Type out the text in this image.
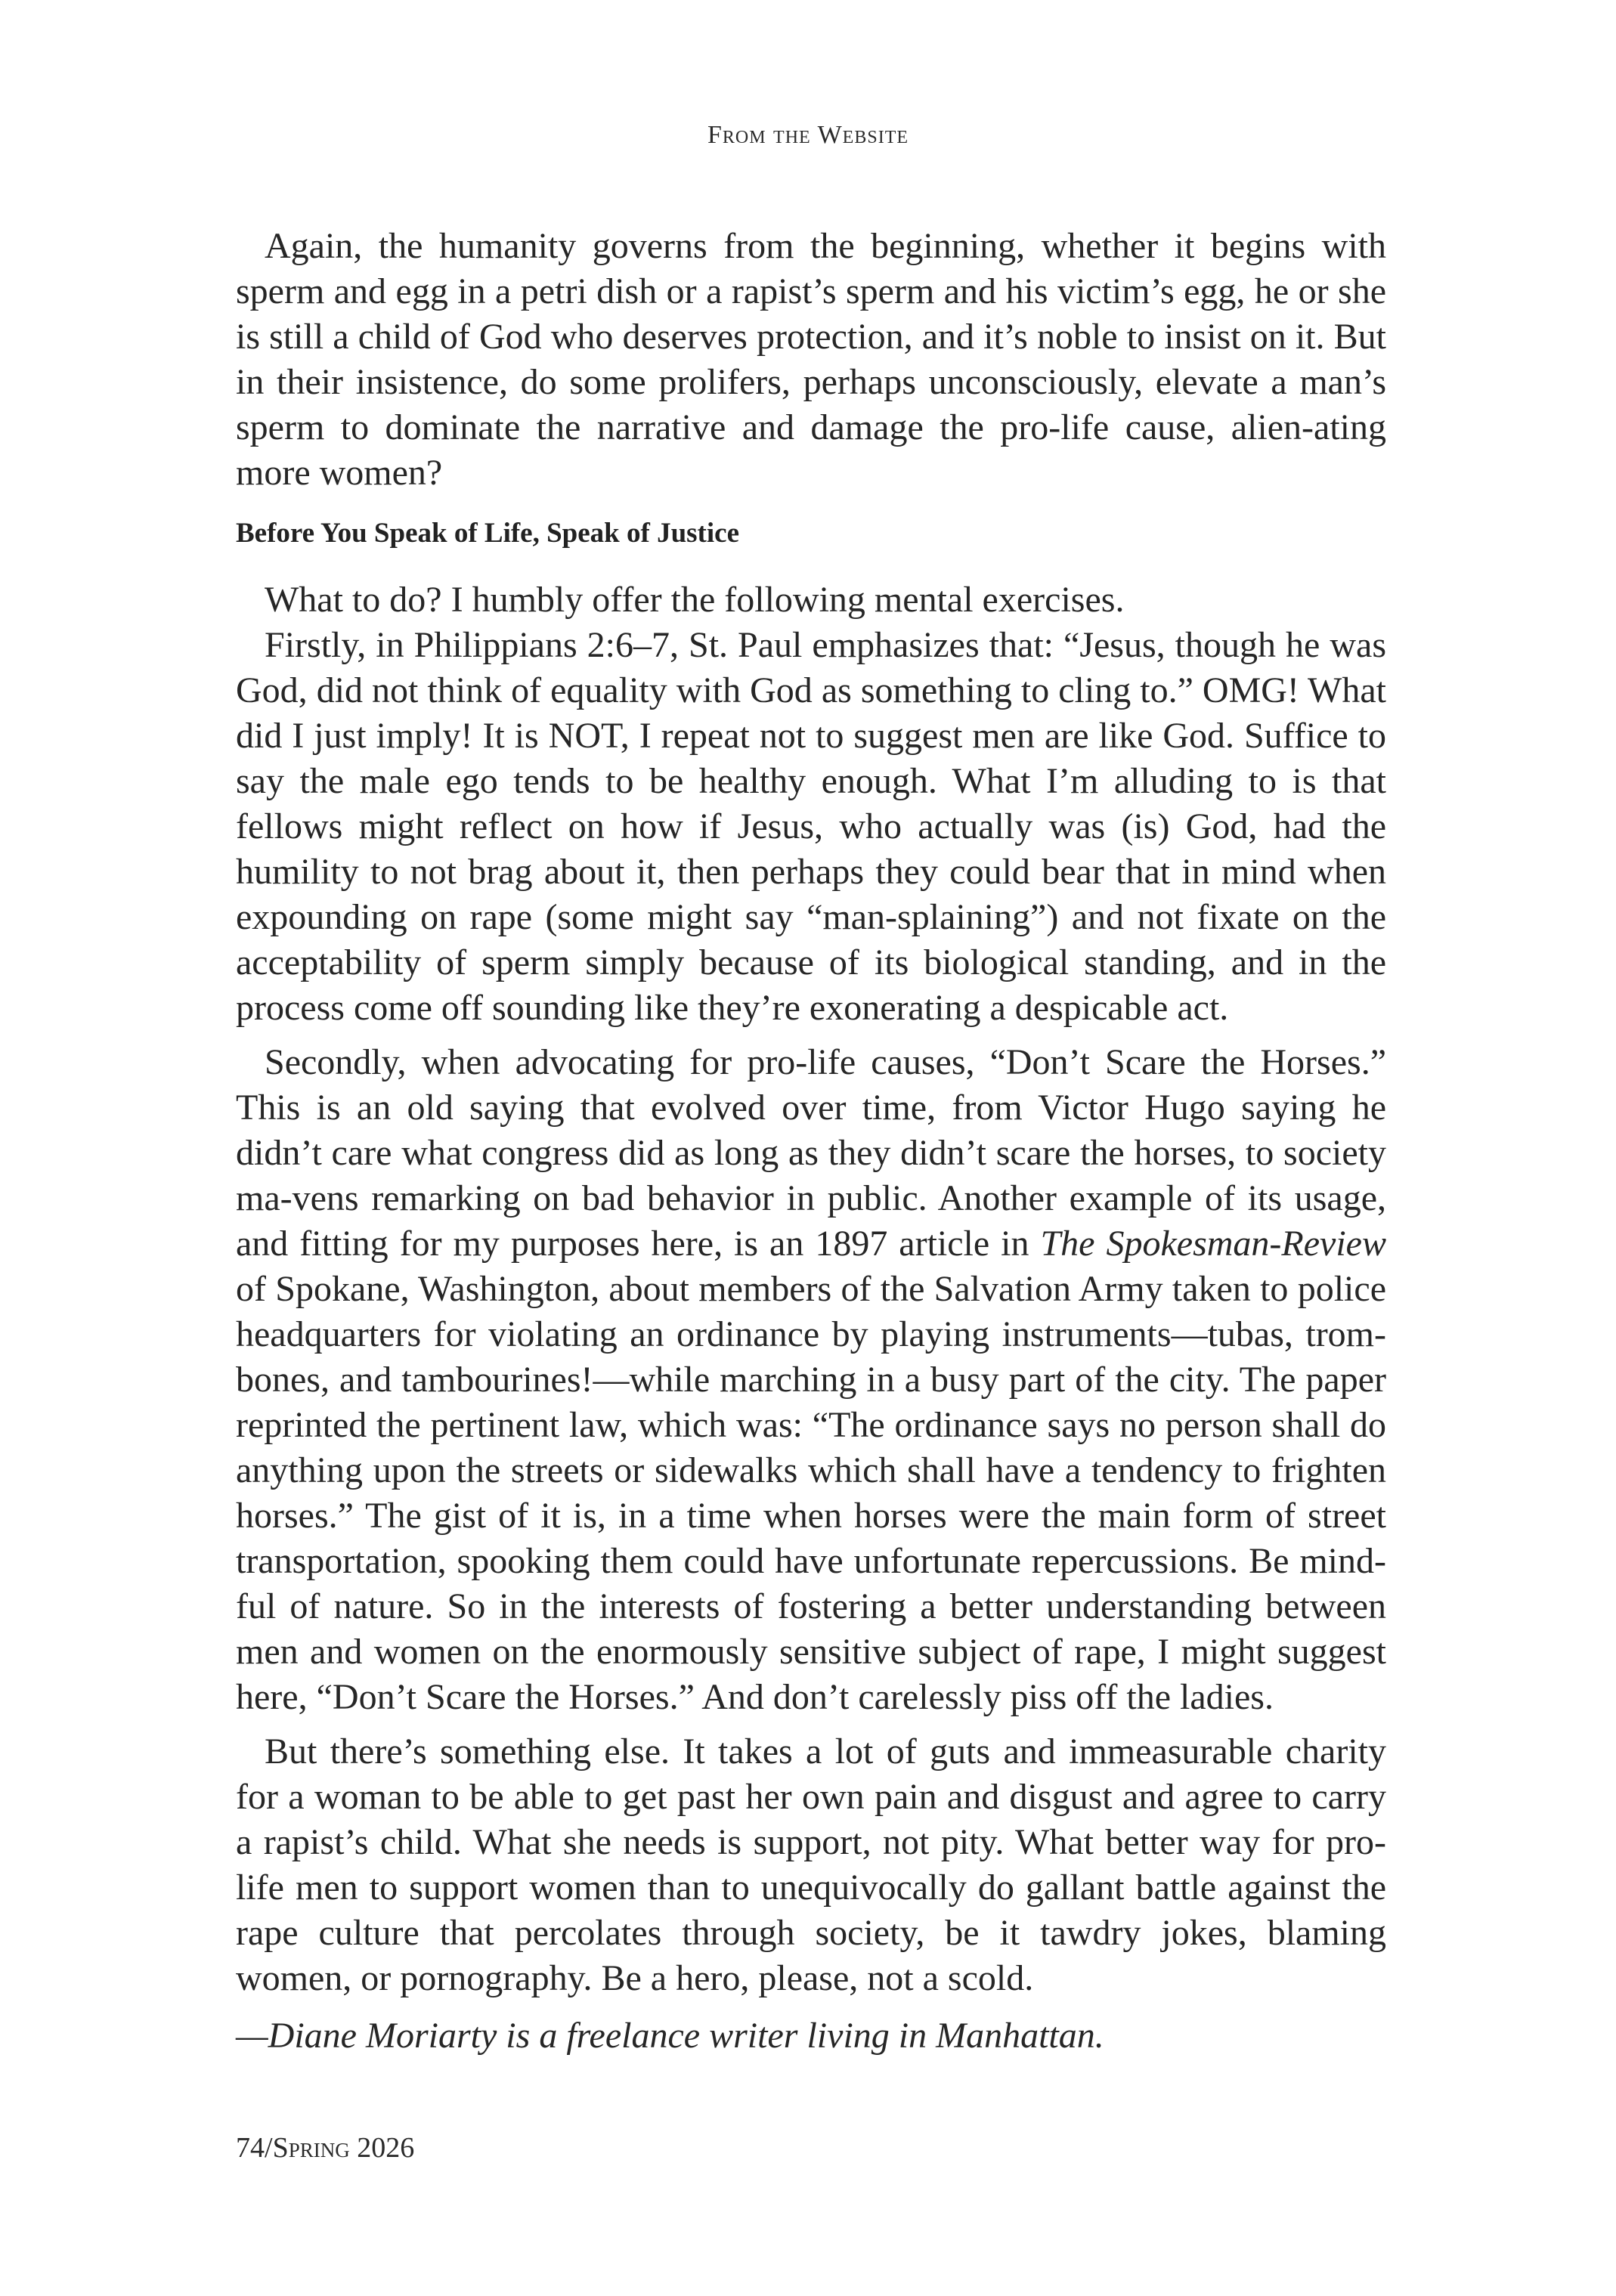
From the Website

Again, the humanity governs from the beginning, whether it begins with sperm and egg in a petri dish or a rapist’s sperm and his victim’s egg, he or she is still a child of God who deserves protection, and it’s noble to insist on it. But in their insistence, do some prolifers, perhaps unconsciously, elevate a man’s sperm to dominate the narrative and damage the pro-life cause, alien-ating more women?

Before You Speak of Life, Speak of Justice

What to do? I humbly offer the following mental exercises.

Firstly, in Philippians 2:6–7, St. Paul emphasizes that: “Jesus, though he was God, did not think of equality with God as something to cling to.” OMG! What did I just imply! It is NOT, I repeat not to suggest men are like God. Suffice to say the male ego tends to be healthy enough. What I’m alluding to is that fellows might reflect on how if Jesus, who actually was (is) God, had the humility to not brag about it, then perhaps they could bear that in mind when expounding on rape (some might say “man-splaining”) and not fixate on the acceptability of sperm simply because of its biological standing, and in the process come off sounding like they’re exonerating a despicable act.

Secondly, when advocating for pro-life causes, “Don’t Scare the Horses.” This is an old saying that evolved over time, from Victor Hugo saying he didn’t care what congress did as long as they didn’t scare the horses, to society ma-vens remarking on bad behavior in public. Another example of its usage, and fitting for my purposes here, is an 1897 article in The Spokesman-Review of Spokane, Washington, about members of the Salvation Army taken to police headquarters for violating an ordinance by playing instruments—tubas, trom-bones, and tambourines!—while marching in a busy part of the city. The paper reprinted the pertinent law, which was: “The ordinance says no person shall do anything upon the streets or sidewalks which shall have a tendency to frighten horses.” The gist of it is, in a time when horses were the main form of street transportation, spooking them could have unfortunate repercussions. Be mind-ful of nature. So in the interests of fostering a better understanding between men and women on the enormously sensitive subject of rape, I might suggest here, “Don’t Scare the Horses.” And don’t carelessly piss off the ladies.

But there’s something else. It takes a lot of guts and immeasurable charity for a woman to be able to get past her own pain and disgust and agree to carry a rapist’s child. What she needs is support, not pity. What better way for pro-life men to support women than to unequivocally do gallant battle against the rape culture that percolates through society, be it tawdry jokes, blaming women, or pornography. Be a hero, please, not a scold.

—Diane Moriarty is a freelance writer living in Manhattan.

74/Spring 2026
